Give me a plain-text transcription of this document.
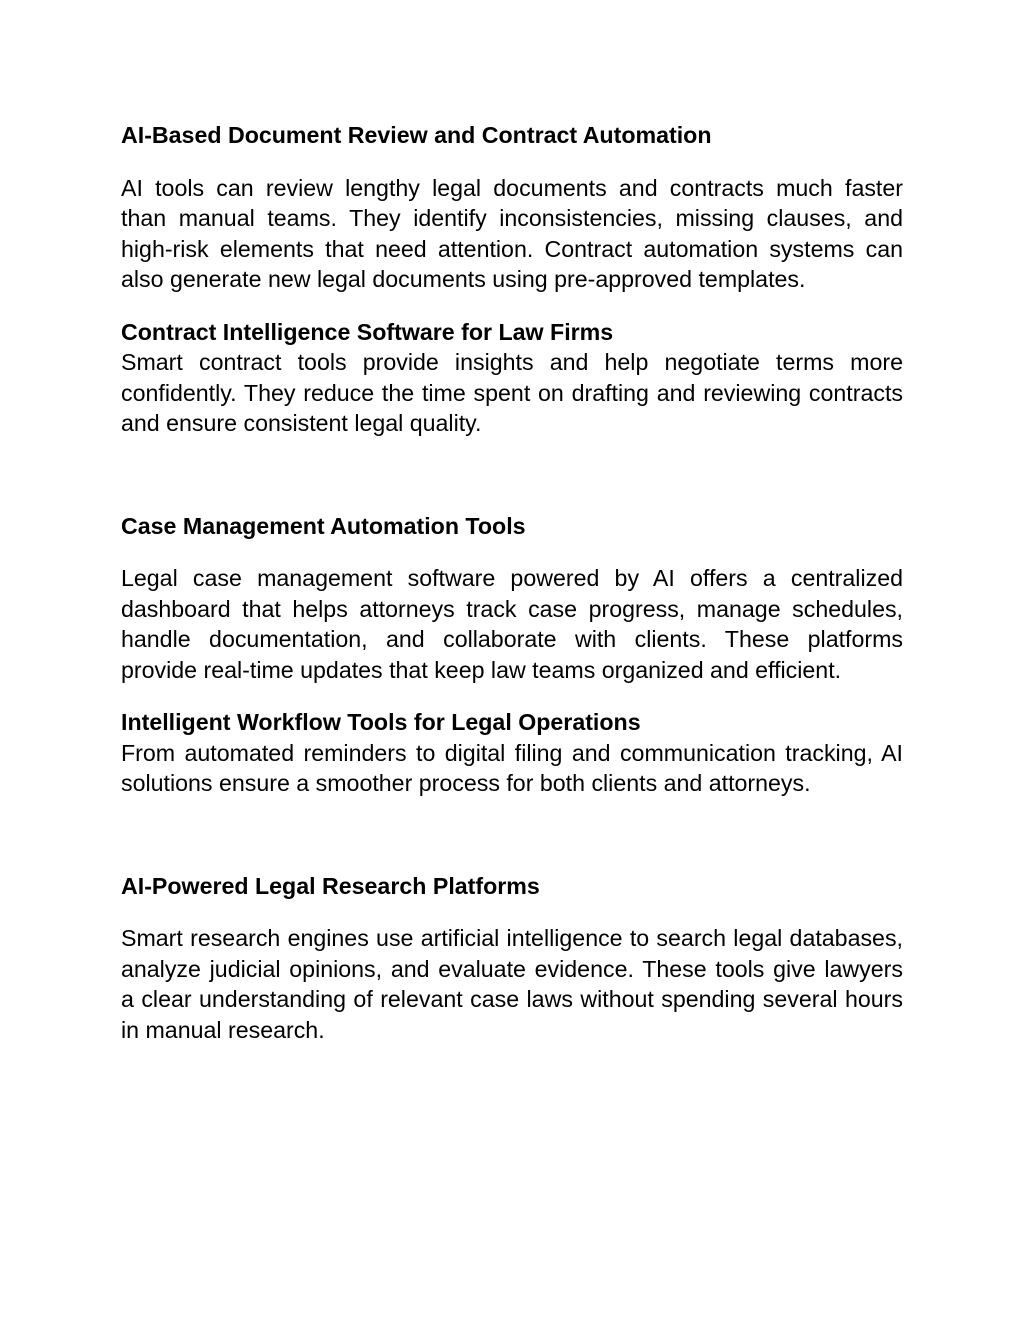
AI-Based Document Review and Contract Automation
AI tools can review lengthy legal documents and contracts much faster
than manual teams. They identify inconsistencies, missing clauses, and
high-risk elements that need attention. Contract automation systems can
also generate new legal documents using pre-approved templates.
Contract Intelligence Software for Law Firms
Smart contract tools provide insights and help negotiate terms more
confidently. They reduce the time spent on drafting and reviewing contracts
and ensure consistent legal quality.
Case Management Automation Tools
Legal case management software powered by AI offers a centralized
dashboard that helps attorneys track case progress, manage schedules,
handle documentation, and collaborate with clients. These platforms
provide real-time updates that keep law teams organized and efficient.
Intelligent Workflow Tools for Legal Operations
From automated reminders to digital filing and communication tracking, AI
solutions ensure a smoother process for both clients and attorneys.
AI-Powered Legal Research Platforms
Smart research engines use artificial intelligence to search legal databases,
analyze judicial opinions, and evaluate evidence. These tools give lawyers
a clear understanding of relevant case laws without spending several hours
in manual research.
